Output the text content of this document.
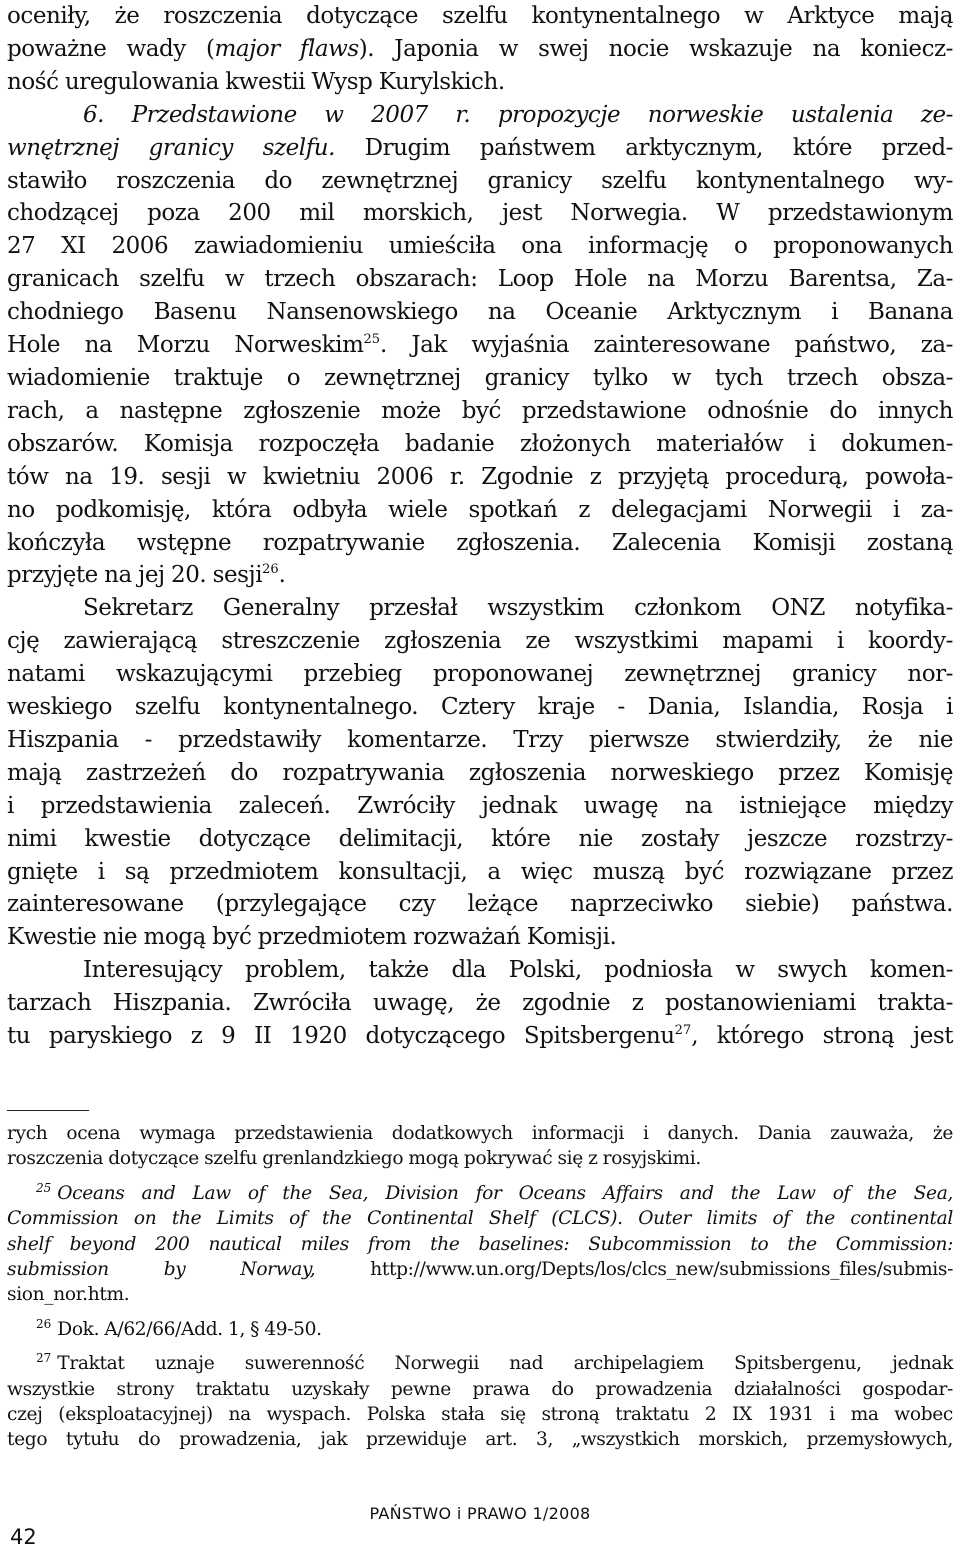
oceniły, że roszczenia dotyczące szelfu kontynentalnego w Arktyce mają
poważne wady (major flaws). Japonia w swej nocie wskazuje na koniecz-
ność uregulowania kwestii Wysp Kurylskich.
6. Przedstawione w 2007 r. propozycje norweskie ustalenia ze-
wnętrznej granicy szelfu. Drugim państwem arktycznym, które przed-
stawiło roszczenia do zewnętrznej granicy szelfu kontynentalnego wy-
chodzącej poza 200 mil morskich, jest Norwegia. W przedstawionym
27 XI 2006 zawiadomieniu umieściła ona informację o proponowanych
granicach szelfu w trzech obszarach: Loop Hole na Morzu Barentsa, Za-
chodniego Basenu Nansenowskiego na Oceanie Arktycznym i Banana
Hole na Morzu Norweskim$^{25}$. Jak wyjaśnia zainteresowane państwo, za-
wiadomienie traktuje o zewnętrznej granicy tylko w tych trzech obsza-
rach, a następne zgłoszenie może być przedstawione odnośnie do innych
obszarów. Komisja rozpoczęła badanie złożonych materiałów i dokumen-
tów na 19. sesji w kwietniu 2006 r. Zgodnie z przyjętą procedurą, powoła-
no podkomisję, która odbyła wiele spotkań z delegacjami Norwegii i za-
kończyła wstępne rozpatrywanie zgłoszenia. Zalecenia Komisji zostaną
przyjęte na jej 20. sesji$^{26}$.
Sekretarz Generalny przesłał wszystkim członkom ONZ notyfika-
cję zawierającą streszczenie zgłoszenia ze wszystkimi mapami i koordy-
natami wskazującymi przebieg proponowanej zewnętrznej granicy nor-
weskiego szelfu kontynentalnego. Cztery kraje - Dania, Islandia, Rosja i
Hiszpania - przedstawiły komentarze. Trzy pierwsze stwierdziły, że nie
mają zastrzeżeń do rozpatrywania zgłoszenia norweskiego przez Komisję
i przedstawienia zaleceń. Zwróciły jednak uwagę na istniejące między
nimi kwestie dotyczące delimitacji, które nie zostały jeszcze rozstrzy-
gnięte i są przedmiotem konsultacji, a więc muszą być rozwiązane przez
zainteresowane (przylegające czy leżące naprzeciwko siebie) państwa.
Kwestie nie mogą być przedmiotem rozważań Komisji.
Interesujący problem, także dla Polski, podniosła w swych komen-
tarzach Hiszpania. Zwróciła uwagę, że zgodnie z postanowieniami trakta-
tu paryskiego z 9 II 1920 dotyczącego Spitsbergenu$^{27}$, którego stroną jest
rych ocena wymaga przedstawienia dodatkowych informacji i danych. Dania zauważa, że
roszczenia dotyczące szelfu grenlandzkiego mogą pokrywać się z rosyjskimi.
$^{25}$ Oceans and Law of the Sea, Division for Oceans Affairs and the Law of the Sea,
Commission on the Limits of the Continental Shelf (CLCS). Outer limits of the continental
shelf beyond 200 nautical miles from the baselines: Subcommission to the Commission:
submission by Norway, http://www.un.org/Depts/los/clcs_new/submissions_files/submis-
sion_nor.htm.
$^{26}$ Dok. A/62/66/Add. 1, § 49-50.
$^{27}$ Traktat uznaje suwerenność Norwegii nad archipelagiem Spitsbergenu, jednak
wszystkie strony traktatu uzyskały pewne prawa do prowadzenia działalności gospodar-
czej (eksploatacyjnej) na wyspach. Polska stała się stroną traktatu 2 IX 1931 i ma wobec
tego tytułu do prowadzenia, jak przewiduje art. 3, „wszystkich morskich, przemysłowych,
PAŃSTWO i PRAWO 1/2008
42
